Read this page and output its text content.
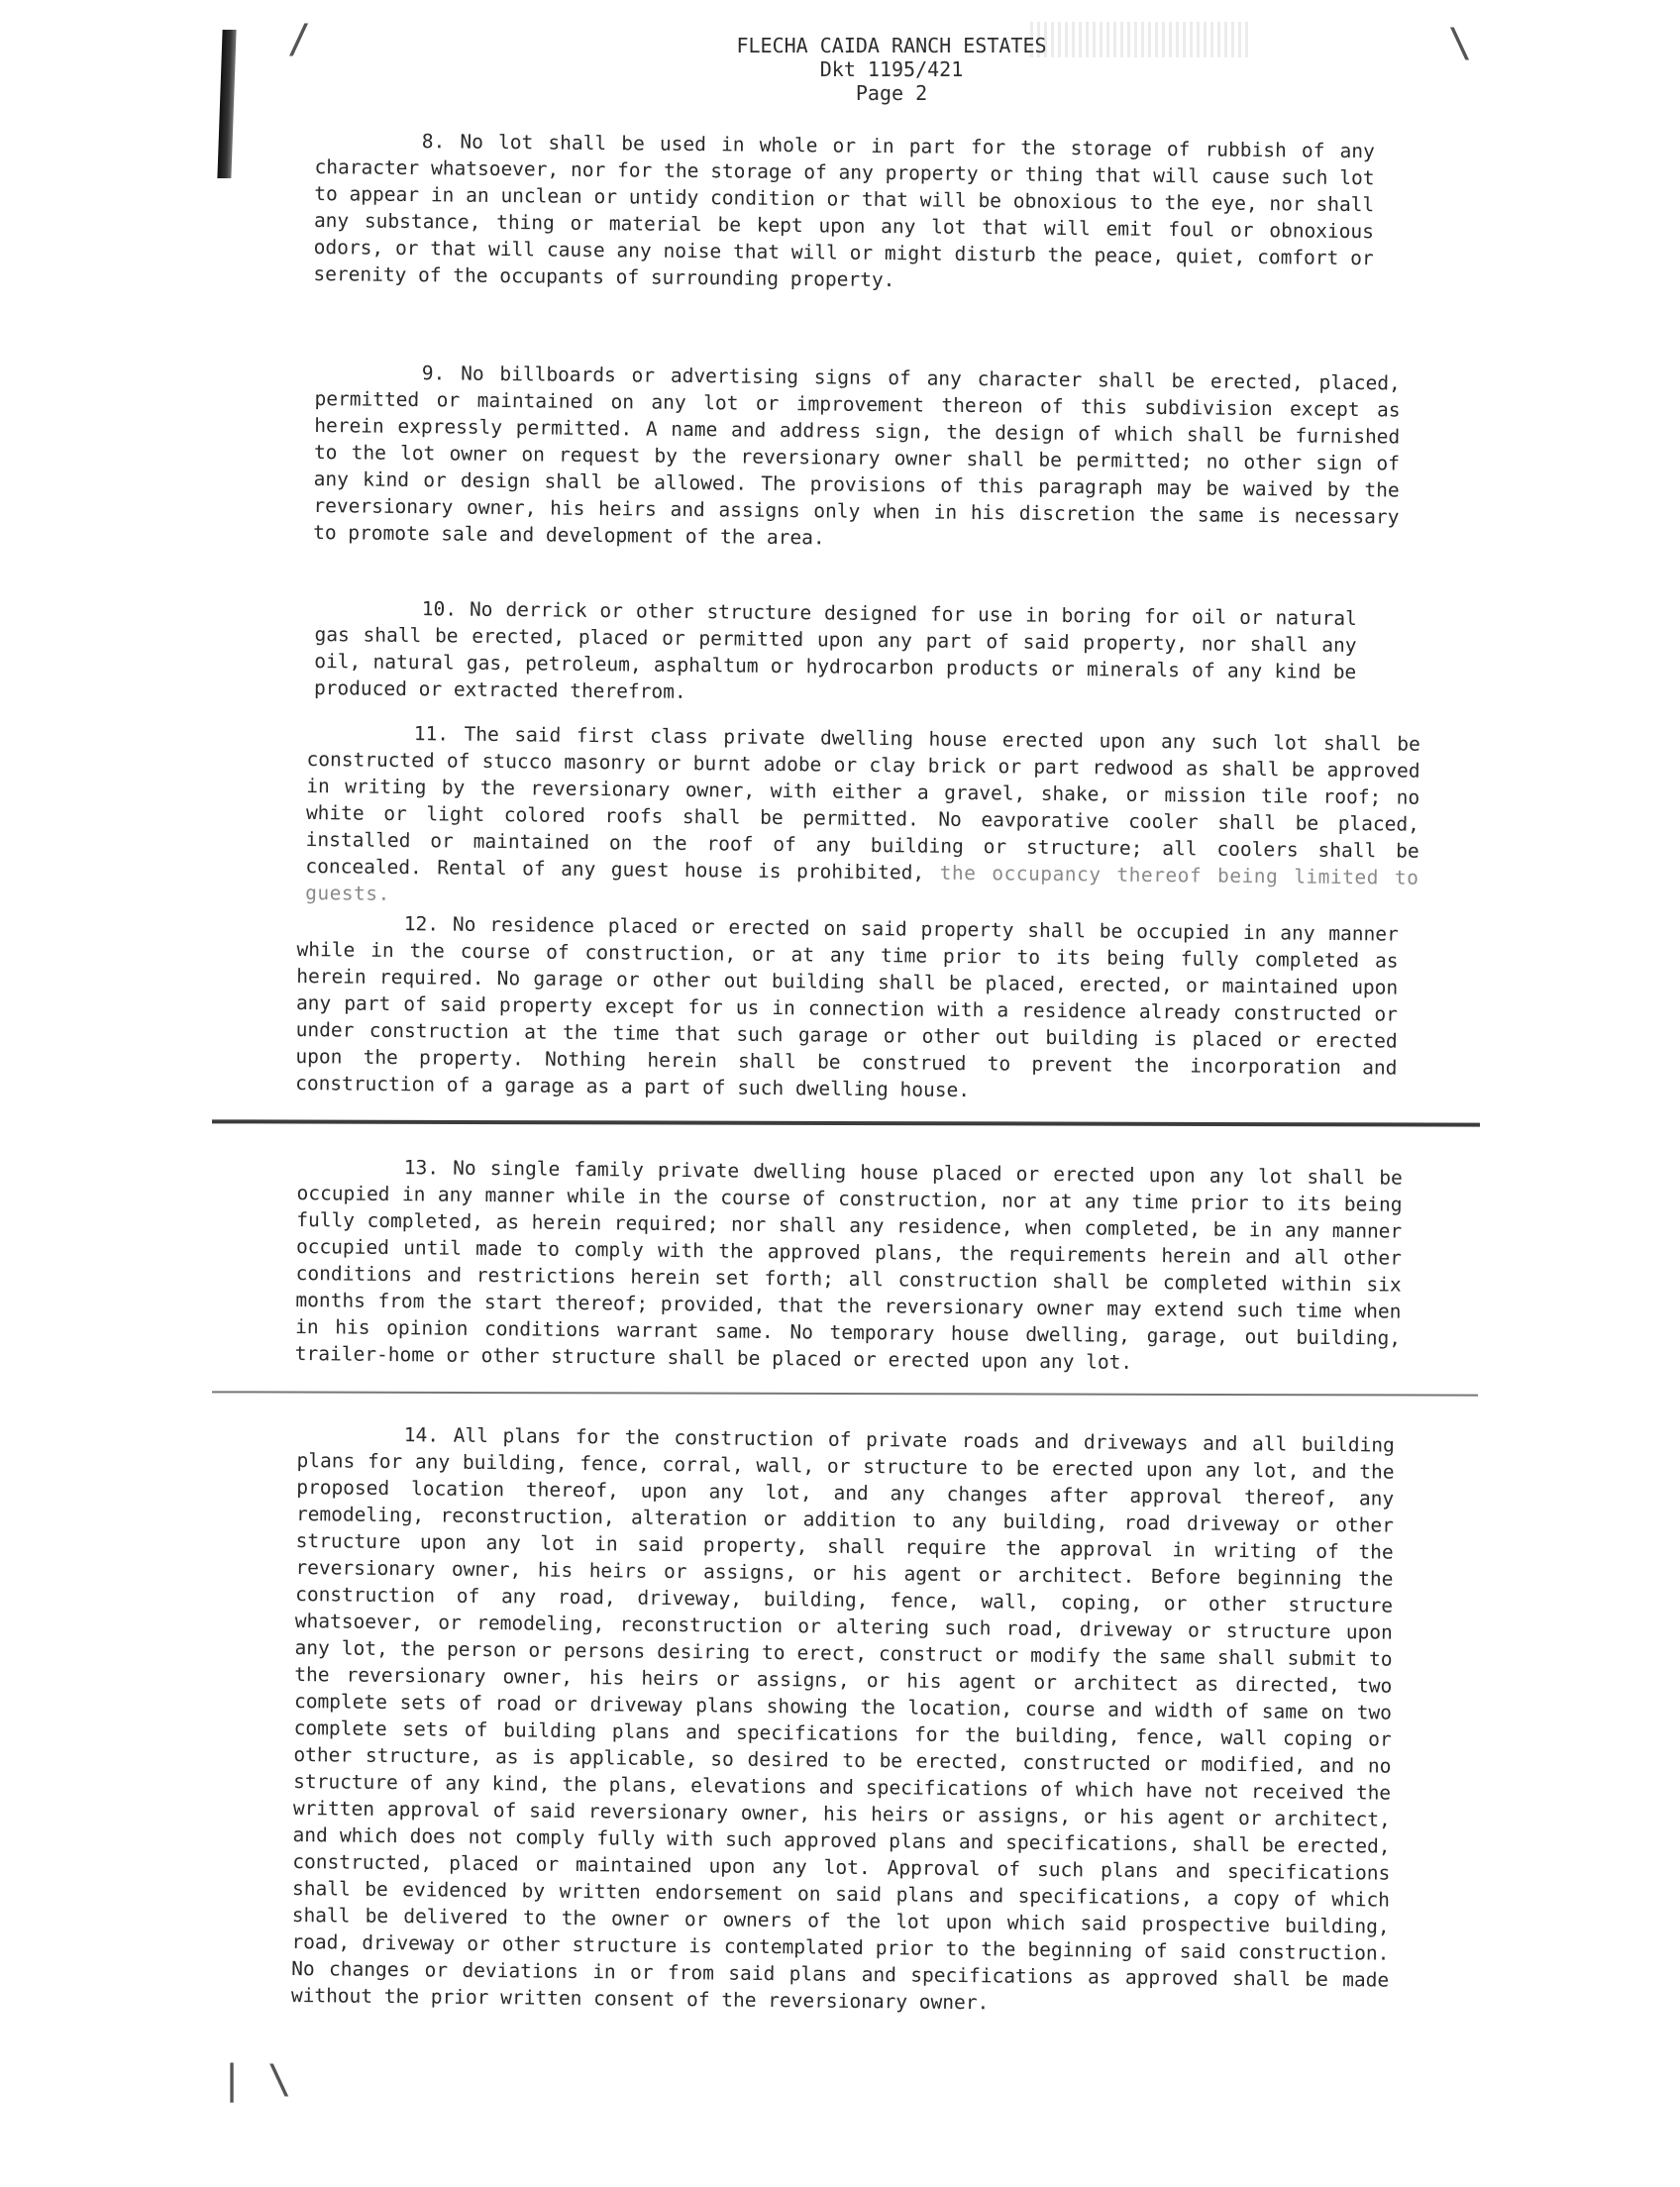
/	\
| \
FLECHA CAIDA RANCH ESTATES
Dkt 1195/421
Page 2
8. No lot shall be used in whole or in part for the storage of rubbish of any character whatsoever, nor for the storage of any property or thing that will cause such lot to appear in an unclean or untidy condition or that will be obnoxious to the eye, nor shall any substance, thing or material be kept upon any lot that will emit foul or obnoxious odors, or that will cause any noise that will or might disturb the peace, quiet, comfort or serenity of the occupants of surrounding property.
9. No billboards or advertising signs of any character shall be erected, placed, permitted or maintained on any lot or improvement thereon of this subdivision except as herein expressly permitted. A name and address sign, the design of which shall be furnished to the lot owner on request by the reversionary owner shall be permitted; no other sign of any kind or design shall be allowed. The provisions of this paragraph may be waived by the reversionary owner, his heirs and assigns only when in his discretion the same is necessary to promote sale and development of the area.
10. No derrick or other structure designed for use in boring for oil or natural gas shall be erected, placed or permitted upon any part of said property, nor shall any oil, natural gas, petroleum, asphaltum or hydrocarbon products or minerals of any kind be produced or extracted therefrom.
11. The said first class private dwelling house erected upon any such lot shall be constructed of stucco masonry or burnt adobe or clay brick or part redwood as shall be approved in writing by the reversionary owner, with either a gravel, shake, or mission tile roof; no white or light colored roofs shall be permitted. No eavporative cooler shall be placed, installed or maintained on the roof of any building or structure; all coolers shall be concealed. Rental of any guest house is prohibited, the occupancy thereof being limited to guests.
12. No residence placed or erected on said property shall be occupied in any manner while in the course of construction, or at any time prior to its being fully completed as herein required. No garage or other out building shall be placed, erected, or maintained upon any part of said property except for us in connection with a residence already constructed or under construction at the time that such garage or other out building is placed or erected upon the property. Nothing herein shall be construed to prevent the incorporation and construction of a garage as a part of such dwelling house.
13. No single family private dwelling house placed or erected upon any lot shall be occupied in any manner while in the course of construction, nor at any time prior to its being fully completed, as herein required; nor shall any residence, when completed, be in any manner occupied until made to comply with the approved plans, the requirements herein and all other conditions and restrictions herein set forth; all construction shall be completed within six months from the start thereof; provided, that the reversionary owner may extend such time when in his opinion conditions warrant same. No temporary house dwelling, garage, out building, trailer-home or other structure shall be placed or erected upon any lot.
14. All plans for the construction of private roads and driveways and all building plans for any building, fence, corral, wall, or structure to be erected upon any lot, and the proposed location thereof, upon any lot, and any changes after approval thereof, any remodeling, reconstruction, alteration or addition to any building, road driveway or other structure upon any lot in said property, shall require the approval in writing of the reversionary owner, his heirs or assigns, or his agent or architect. Before beginning the construction of any road, driveway, building, fence, wall, coping, or other structure whatsoever, or remodeling, reconstruction or altering such road, driveway or structure upon any lot, the person or persons desiring to erect, construct or modify the same shall submit to the reversionary owner, his heirs or assigns, or his agent or architect as directed, two complete sets of road or driveway plans showing the location, course and width of same on two complete sets of building plans and specifications for the building, fence, wall coping or other structure, as is applicable, so desired to be erected, constructed or modified, and no structure of any kind, the plans, elevations and specifications of which have not received the written approval of said reversionary owner, his heirs or assigns, or his agent or architect, and which does not comply fully with such approved plans and specifications, shall be erected, constructed, placed or maintained upon any lot. Approval of such plans and specifications shall be evidenced by written endorsement on said plans and specifications, a copy of which shall be delivered to the owner or owners of the lot upon which said prospective building, road, driveway or other structure is contemplated prior to the beginning of said construction. No changes or deviations in or from said plans and specifications as approved shall be made without the prior written consent of the reversionary owner.
